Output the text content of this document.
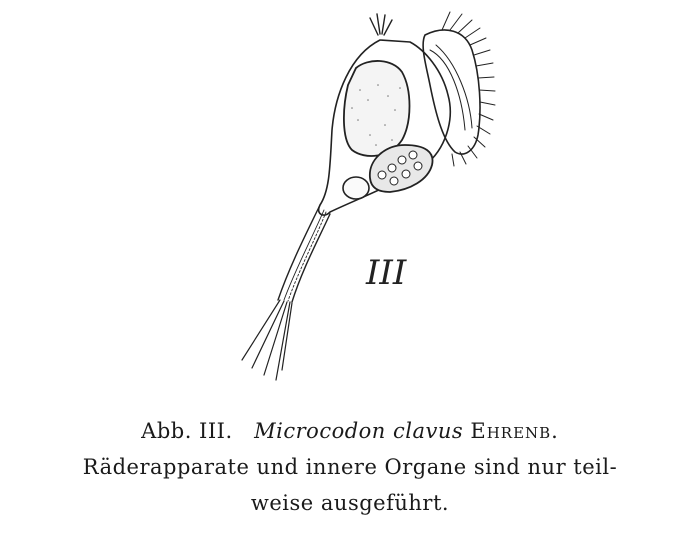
III
Abb. III. Microcodon clavus Ehrenb.
Räderapparate und innere Organe sind nur teil-
weise ausgeführt.
